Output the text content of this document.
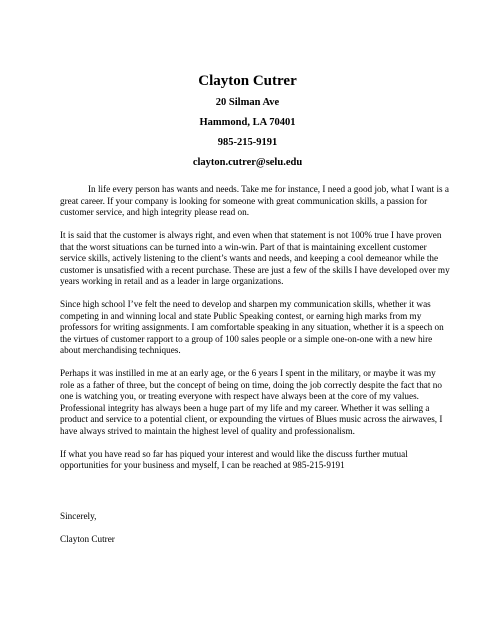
Clayton Cutrer
20 Silman Ave
Hammond, LA 70401
985-215-9191
clayton.cutrer@selu.edu

In life every person has wants and needs. Take me for instance, I need a good job, what I want is a great career. If your company is looking for someone with great communication skills, a passion for customer service, and high integrity please read on.

It is said that the customer is always right, and even when that statement is not 100% true I have proven that the worst situations can be turned into a win-win. Part of that is maintaining excellent customer service skills, actively listening to the client’s wants and needs, and keeping a cool demeanor while the customer is unsatisfied with a recent purchase. These are just a few of the skills I have developed over my years working in retail and as a leader in large organizations.

Since high school I’ve felt the need to develop and sharpen my communication skills, whether it was competing in and winning local and state Public Speaking contest, or earning high marks from my professors for writing assignments. I am comfortable speaking in any situation, whether it is a speech on the virtues of customer rapport to a group of 100 sales people or a simple one-on-one with a new hire about merchandising techniques.

Perhaps it was instilled in me at an early age, or the 6 years I spent in the military, or maybe it was my role as a father of three, but the concept of being on time, doing the job correctly despite the fact that no one is watching you, or treating everyone with respect have always been at the core of my values. Professional integrity has always been a huge part of my life and my career. Whether it was selling a product and service to a potential client, or expounding the virtues of Blues music across the airwaves, I have always strived to maintain the highest level of quality and professionalism.

If what you have read so far has piqued your interest and would like the discuss further mutual opportunities for your business and myself, I can be reached at 985-215-9191

Sincerely,
Clayton Cutrer
